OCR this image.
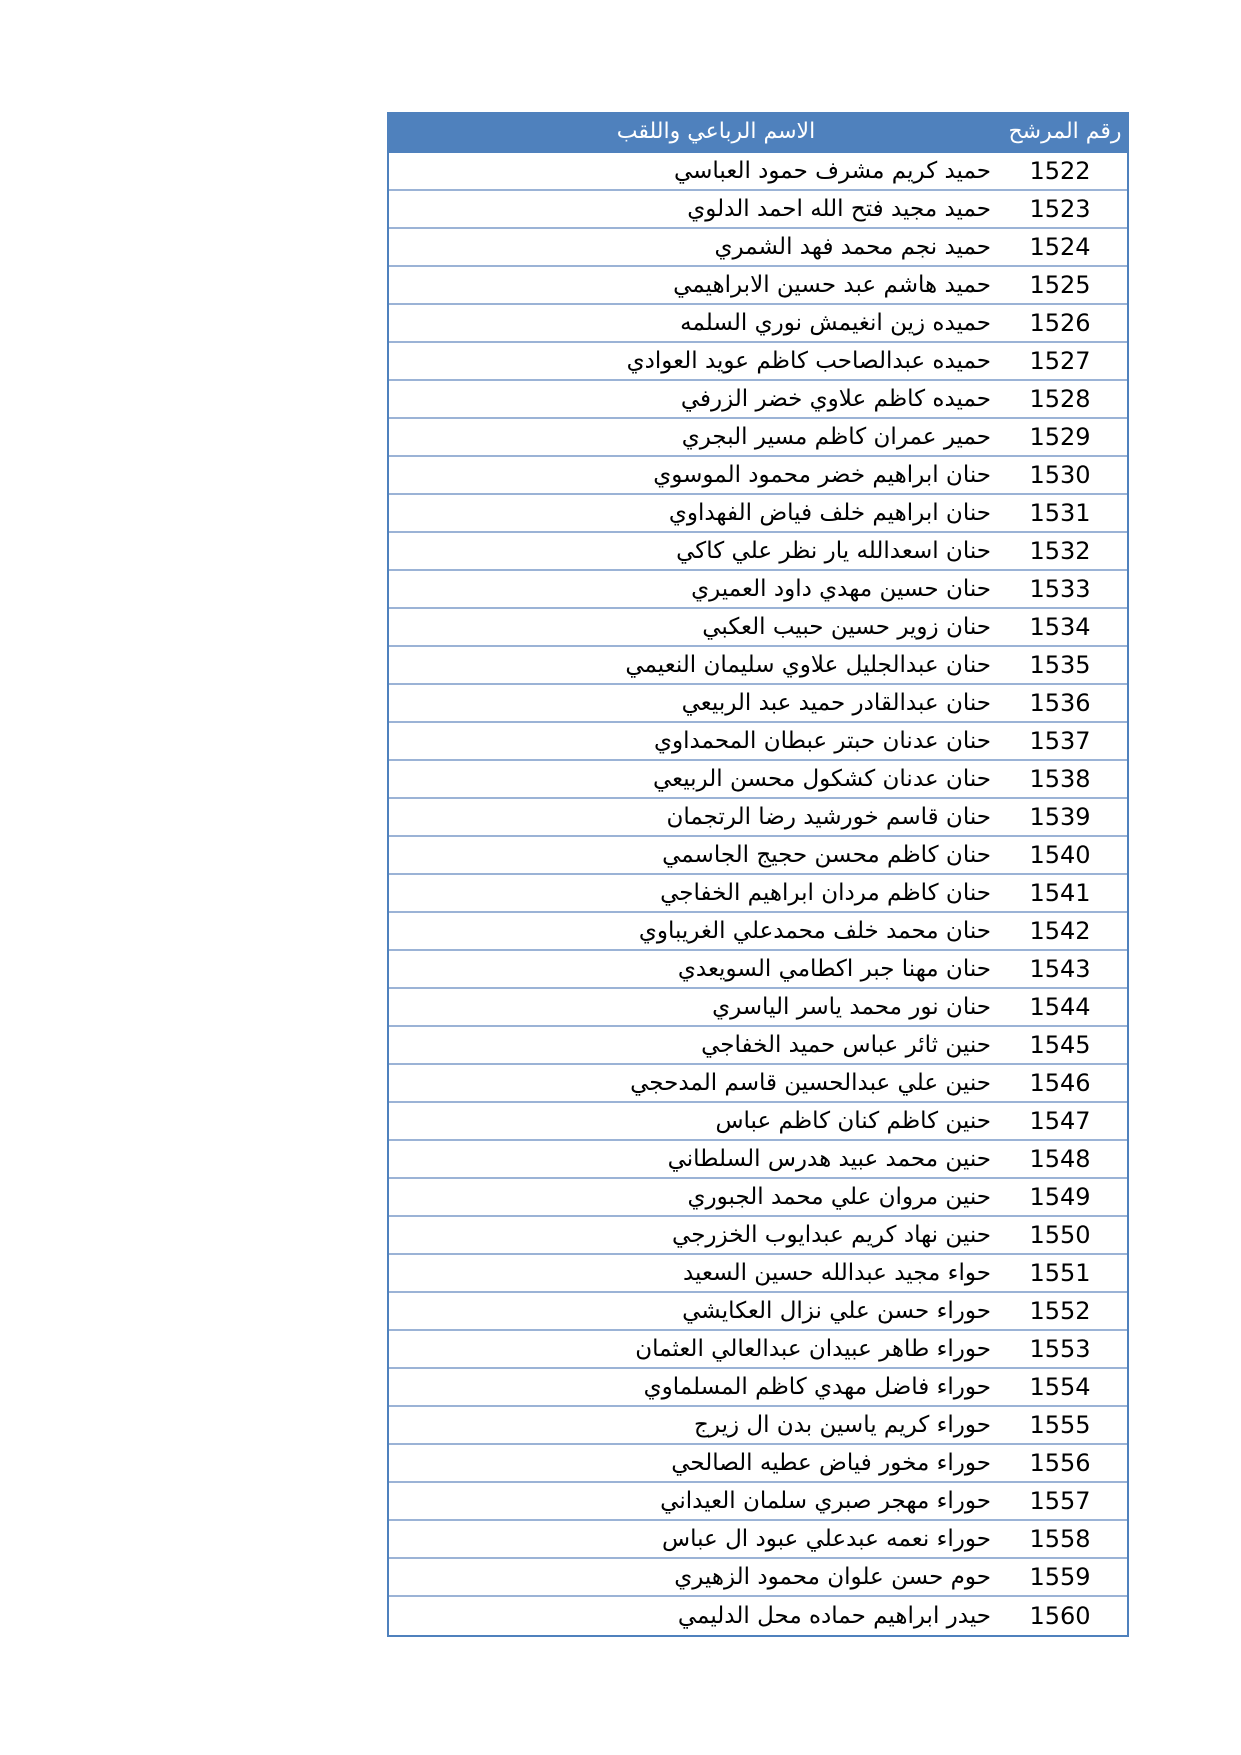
رقم المرشح
الاسم الرباعي واللقب
1522
حميد كريم مشرف حمود العباسي
1523
حميد مجيد فتح الله احمد الدلوي
1524
حميد نجم محمد فهد الشمري
1525
حميد هاشم عبد حسين الابراهيمي
1526
حميده زين انغيمش نوري السلمه
1527
حميده عبدالصاحب كاظم عويد العوادي
1528
حميده كاظم علاوي خضر الزرفي
1529
حمير عمران كاظم مسير البجري
1530
حنان ابراهيم خضر محمود الموسوي
1531
حنان ابراهيم خلف فياض الفهداوي
1532
حنان اسعدالله يار نظر علي كاكي
1533
حنان حسين مهدي داود العميري
1534
حنان زوير حسين حبيب العكبي
1535
حنان عبدالجليل علاوي سليمان النعيمي
1536
حنان عبدالقادر حميد عبد الربيعي
1537
حنان عدنان حبتر عبطان المحمداوي
1538
حنان عدنان كشكول محسن الربيعي
1539
حنان قاسم خورشيد رضا الرتجمان
1540
حنان كاظم محسن حجيج الجاسمي
1541
حنان كاظم مردان ابراهيم الخفاجي
1542
حنان محمد خلف محمدعلي الغريباوي
1543
حنان مهنا جبر اكطامي السويعدي
1544
حنان نور محمد ياسر الياسري
1545
حنين ثائر عباس حميد الخفاجي
1546
حنين علي عبدالحسين قاسم المدحجي
1547
حنين كاظم كنان كاظم عباس
1548
حنين محمد عبيد هدرس السلطاني
1549
حنين مروان علي محمد الجبوري
1550
حنين نهاد كريم عبدايوب الخزرجي
1551
حواء مجيد عبدالله حسين السعيد
1552
حوراء حسن علي نزال العكايشي
1553
حوراء طاهر عبيدان عبدالعالي العثمان
1554
حوراء فاضل مهدي كاظم المسلماوي
1555
حوراء كريم ياسين بدن ال زيرج
1556
حوراء مخور فياض عطيه الصالحي
1557
حوراء مهجر صبري سلمان العيداني
1558
حوراء نعمه عبدعلي عبود ال عباس
1559
حوم حسن علوان محمود الزهيري
1560
حيدر ابراهيم حماده محل الدليمي
